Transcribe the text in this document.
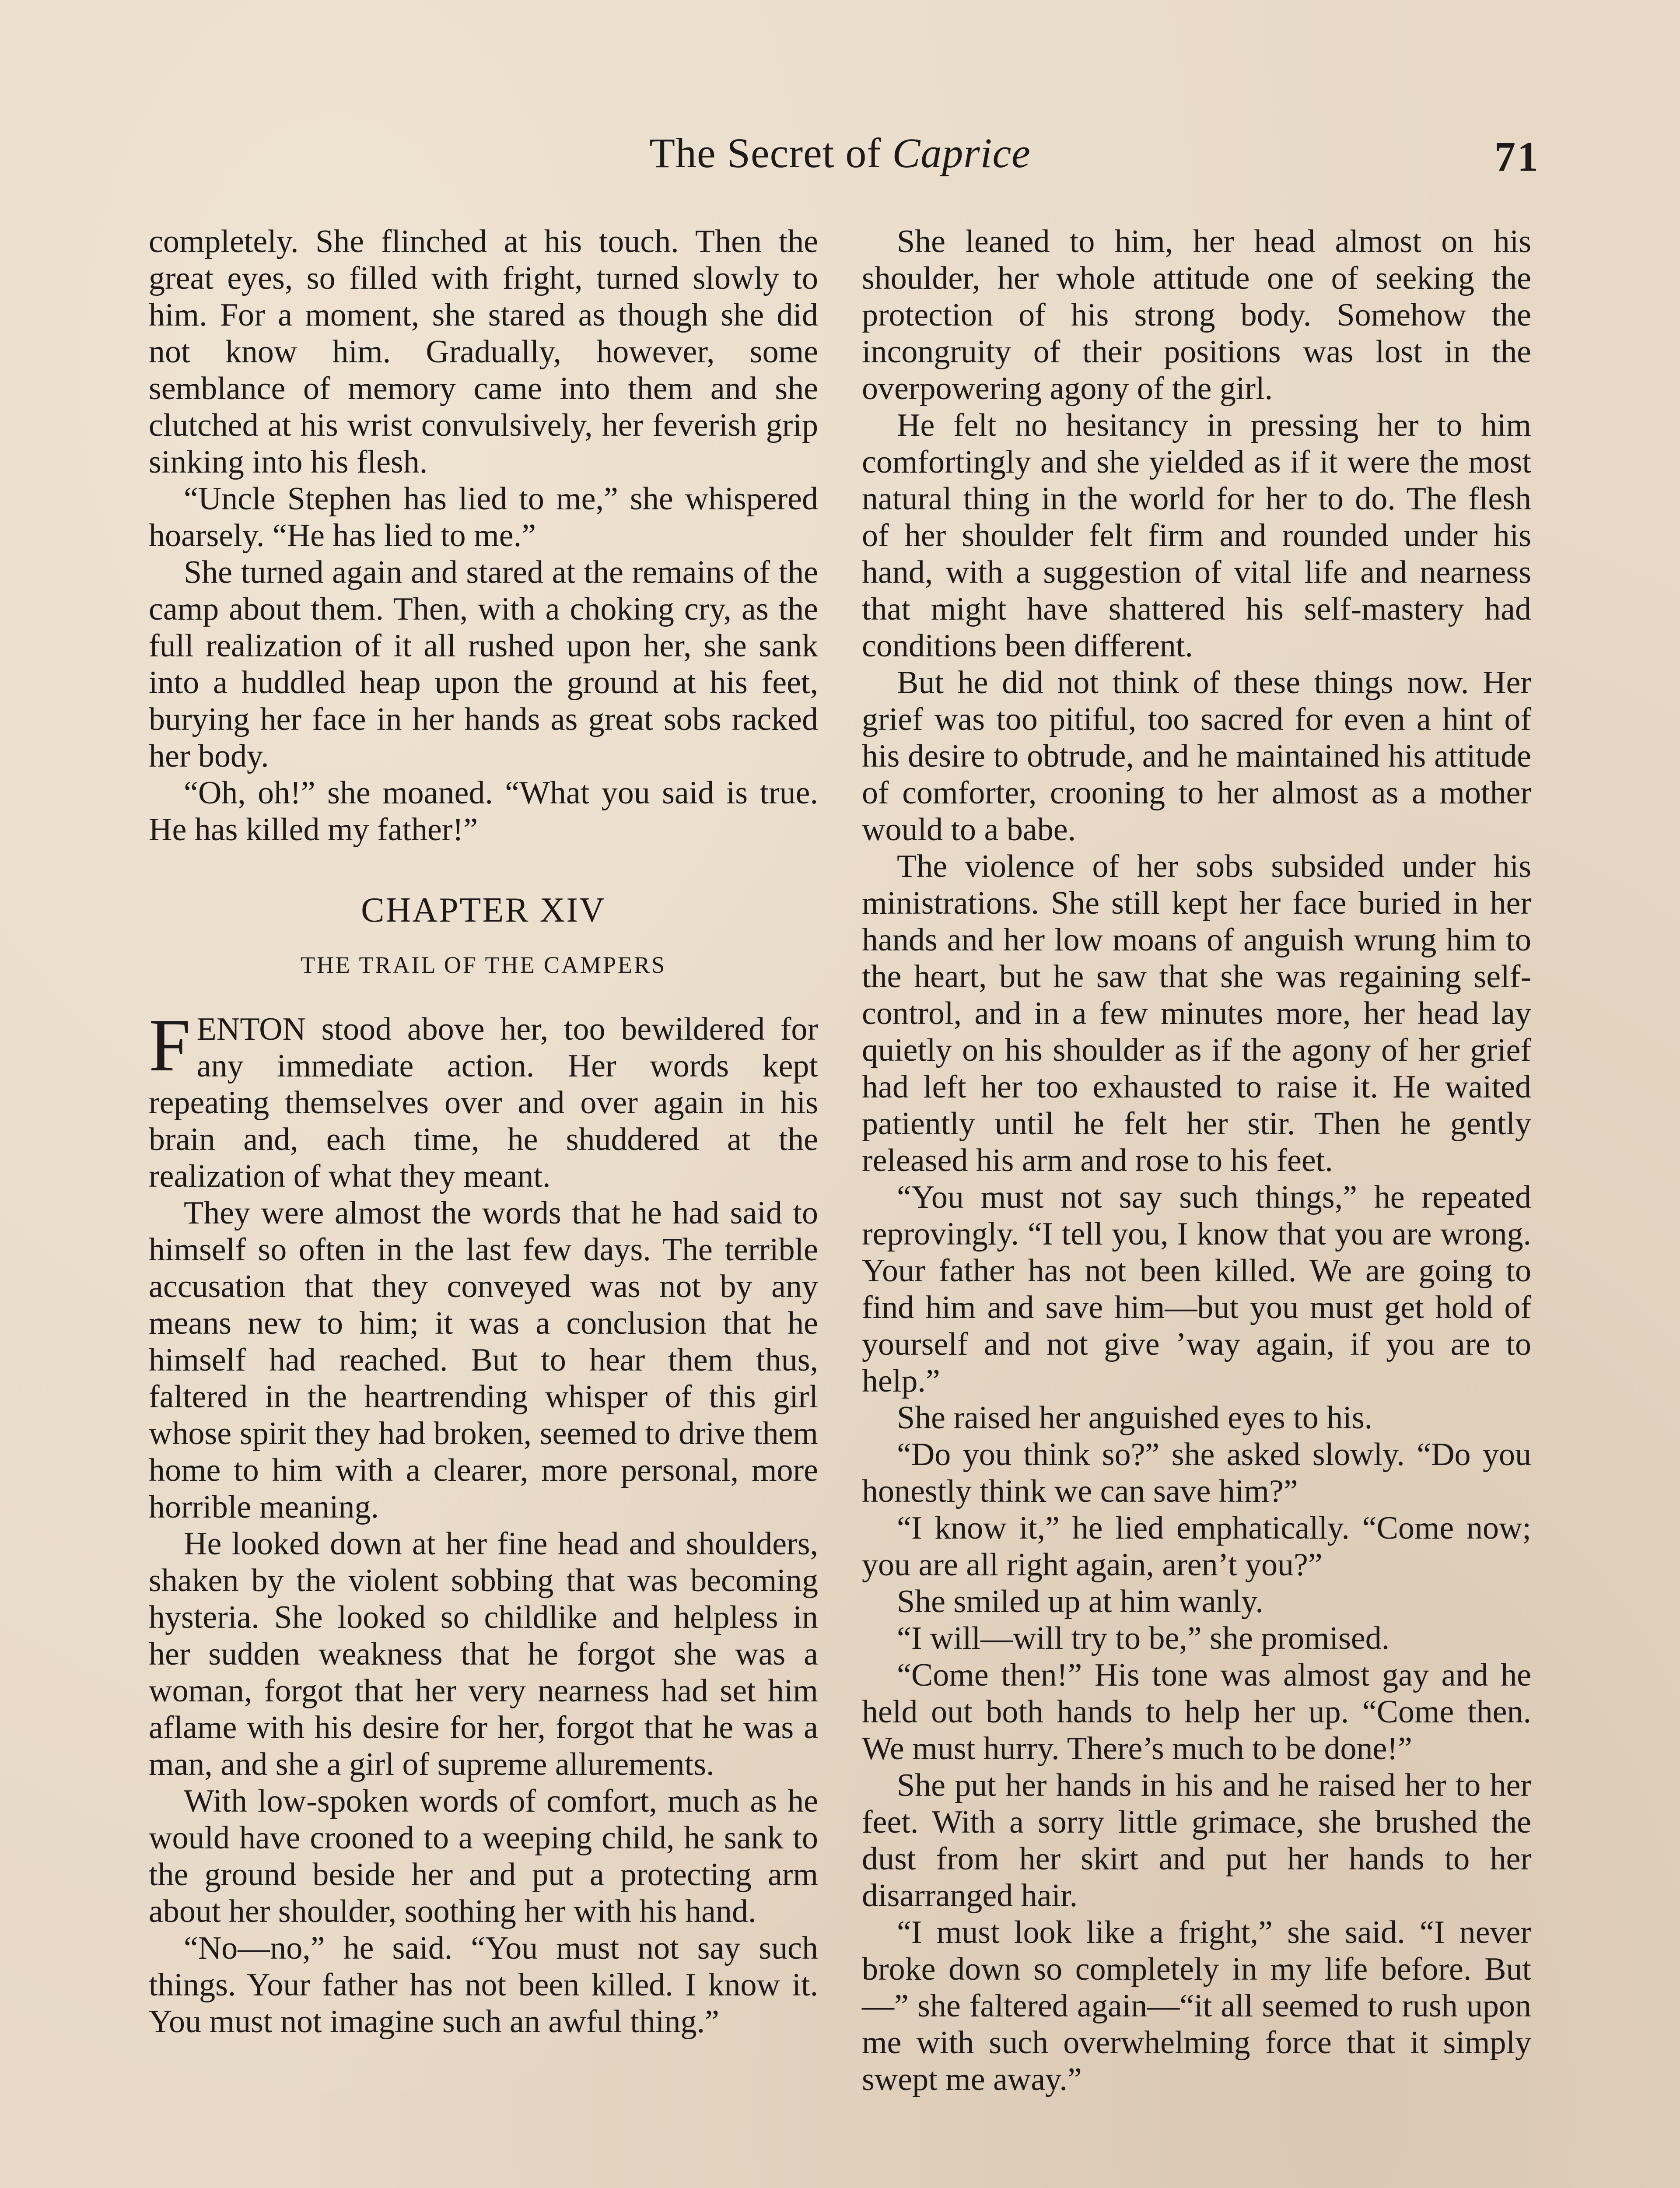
The Secret of Caprice	71

completely. She flinched at his touch. Then the great eyes, so filled with fright, turned slowly to him. For a moment, she stared as though she did not know him. Gradually, however, some semblance of memory came into them and she clutched at his wrist convulsively, her feverish grip sinking into his flesh.

“Uncle Stephen has lied to me,” she whispered hoarsely. “He has lied to me.”

She turned again and stared at the remains of the camp about them. Then, with a choking cry, as the full realization of it all rushed upon her, she sank into a huddled heap upon the ground at his feet, burying her face in her hands as great sobs racked her body.

“Oh, oh!” she moaned. “What you said is true. He has killed my father!”

CHAPTER XIV
THE TRAIL OF THE CAMPERS

FENTON stood above her, too bewildered for any immediate action. Her words kept repeating themselves over and over again in his brain and, each time, he shuddered at the realization of what they meant.

They were almost the words that he had said to himself so often in the last few days. The terrible accusation that they conveyed was not by any means new to him; it was a conclusion that he himself had reached. But to hear them thus, faltered in the heartrending whisper of this girl whose spirit they had broken, seemed to drive them home to him with a clearer, more personal, more horrible meaning.

He looked down at her fine head and shoulders, shaken by the violent sobbing that was becoming hysteria. She looked so childlike and helpless in her sudden weakness that he forgot she was a woman, forgot that her very nearness had set him aflame with his desire for her, forgot that he was a man, and she a girl of supreme allurements.

With low-spoken words of comfort, much as he would have crooned to a weeping child, he sank to the ground beside her and put a protecting arm about her shoulder, soothing her with his hand.

“No—no,” he said. “You must not say such things. Your father has not been killed. I know it. You must not imagine such an awful thing.”

She leaned to him, her head almost on his shoulder, her whole attitude one of seeking the protection of his strong body. Somehow the incongruity of their positions was lost in the overpowering agony of the girl.

He felt no hesitancy in pressing her to him comfortingly and she yielded as if it were the most natural thing in the world for her to do. The flesh of her shoulder felt firm and rounded under his hand, with a suggestion of vital life and nearness that might have shattered his self-mastery had conditions been different.

But he did not think of these things now. Her grief was too pitiful, too sacred for even a hint of his desire to obtrude, and he maintained his attitude of comforter, crooning to her almost as a mother would to a babe.

The violence of her sobs subsided under his ministrations. She still kept her face buried in her hands and her low moans of anguish wrung him to the heart, but he saw that she was regaining self-control, and in a few minutes more, her head lay quietly on his shoulder as if the agony of her grief had left her too exhausted to raise it. He waited patiently until he felt her stir. Then he gently released his arm and rose to his feet.

“You must not say such things,” he repeated reprovingly. “I tell you, I know that you are wrong. Your father has not been killed. We are going to find him and save him—but you must get hold of yourself and not give ’way again, if you are to help.”

She raised her anguished eyes to his.

“Do you think so?” she asked slowly. “Do you honestly think we can save him?”

“I know it,” he lied emphatically. “Come now; you are all right again, aren’t you?”

She smiled up at him wanly.

“I will—will try to be,” she promised.

“Come then!” His tone was almost gay and he held out both hands to help her up. “Come then. We must hurry. There’s much to be done!”

She put her hands in his and he raised her to her feet. With a sorry little grimace, she brushed the dust from her skirt and put her hands to her disarranged hair.

“I must look like a fright,” she said. “I never broke down so completely in my life before. But—” she faltered again—“it all seemed to rush upon me with such overwhelming force that it simply swept me away.”
